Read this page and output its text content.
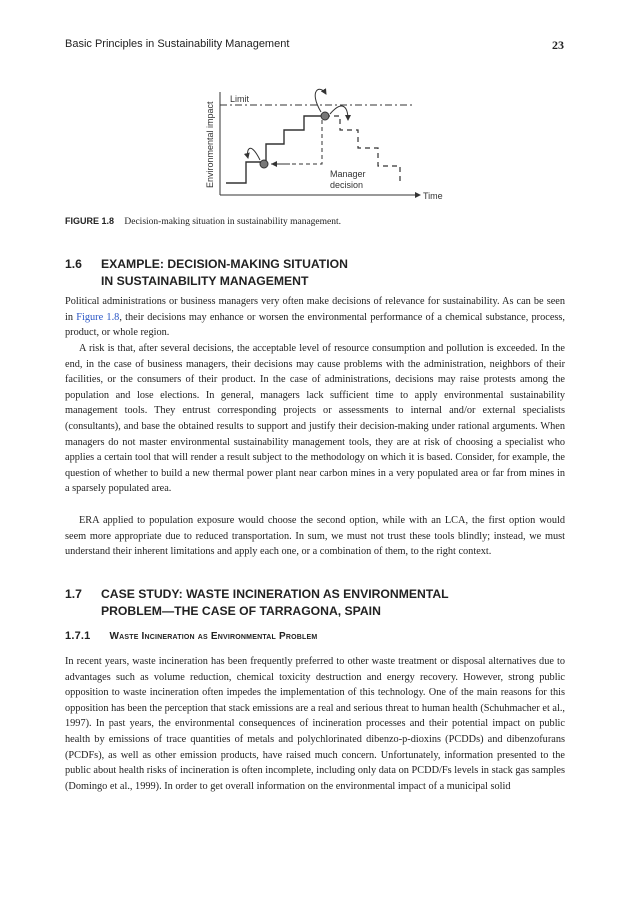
Basic Principles in Sustainability Management	23
Environmental impact
Time
Limit
Manager
decision
FIGURE 1.8 Decision-making situation in sustainability management.
1.6 EXAMPLE: DECISION-MAKING SITUATION
IN SUSTAINABILITY MANAGEMENT

Political administrations or business managers very often make decisions of relevance for sustainability. As can be seen in Figure 1.8, their decisions may enhance or worsen the environmental performance of a chemical substance, process, product, or whole region.

A risk is that, after several decisions, the acceptable level of resource consumption and pollution is exceeded. In the end, in the case of business managers, their decisions may cause problems with the administration, neighbors of their facilities, or the consumers of their product. In the case of administrations, decisions may raise protests among the population and lose elections. In general, managers lack sufficient time to apply environmental sustainability management tools. They entrust corresponding projects or assessments to internal and/or external specialists (consultants), and base the obtained results to support and justify their decision-making under rational arguments. When managers do not master environmental sustainability management tools, they are at risk of choosing a specialist who applies a certain tool that will render a result subject to the methodology on which it is based. Consider, for example, the question of whether to build a new thermal power plant near carbon mines in a very populated area or far from mines in a sparsely populated area.

ERA applied to population exposure would choose the second option, while with an LCA, the first option would seem more appropriate due to reduced transportation. In sum, we must not trust these tools blindly; instead, we must understand their inherent limitations and apply each one, or a combination of them, to the right context.

1.7 CASE STUDY: WASTE INCINERATION AS ENVIRONMENTAL
PROBLEM—THE CASE OF TARRAGONA, SPAIN
1.7.1 Waste Incineration as Environmental Problem

In recent years, waste incineration has been frequently preferred to other waste treatment or disposal alternatives due to advantages such as volume reduction, chemical toxicity destruction and energy recovery. However, strong public opposition to waste incineration often impedes the implementation of this technology. One of the main reasons for this opposition has been the perception that stack emissions are a real and serious threat to human health (Schuhmacher et al., 1997). In past years, the environmental consequences of incineration processes and their potential impact on public health by emissions of trace quantities of metals and polychlorinated dibenzo-p-dioxins (PCDDs) and dibenzofurans (PCDFs), as well as other emission products, have raised much concern. Unfortunately, information presented to the public about health risks of incineration is often incomplete, including only data on PCDD/Fs levels in stack gas samples (Domingo et al., 1999). In order to get overall information on the environmental impact of a municipal solid
